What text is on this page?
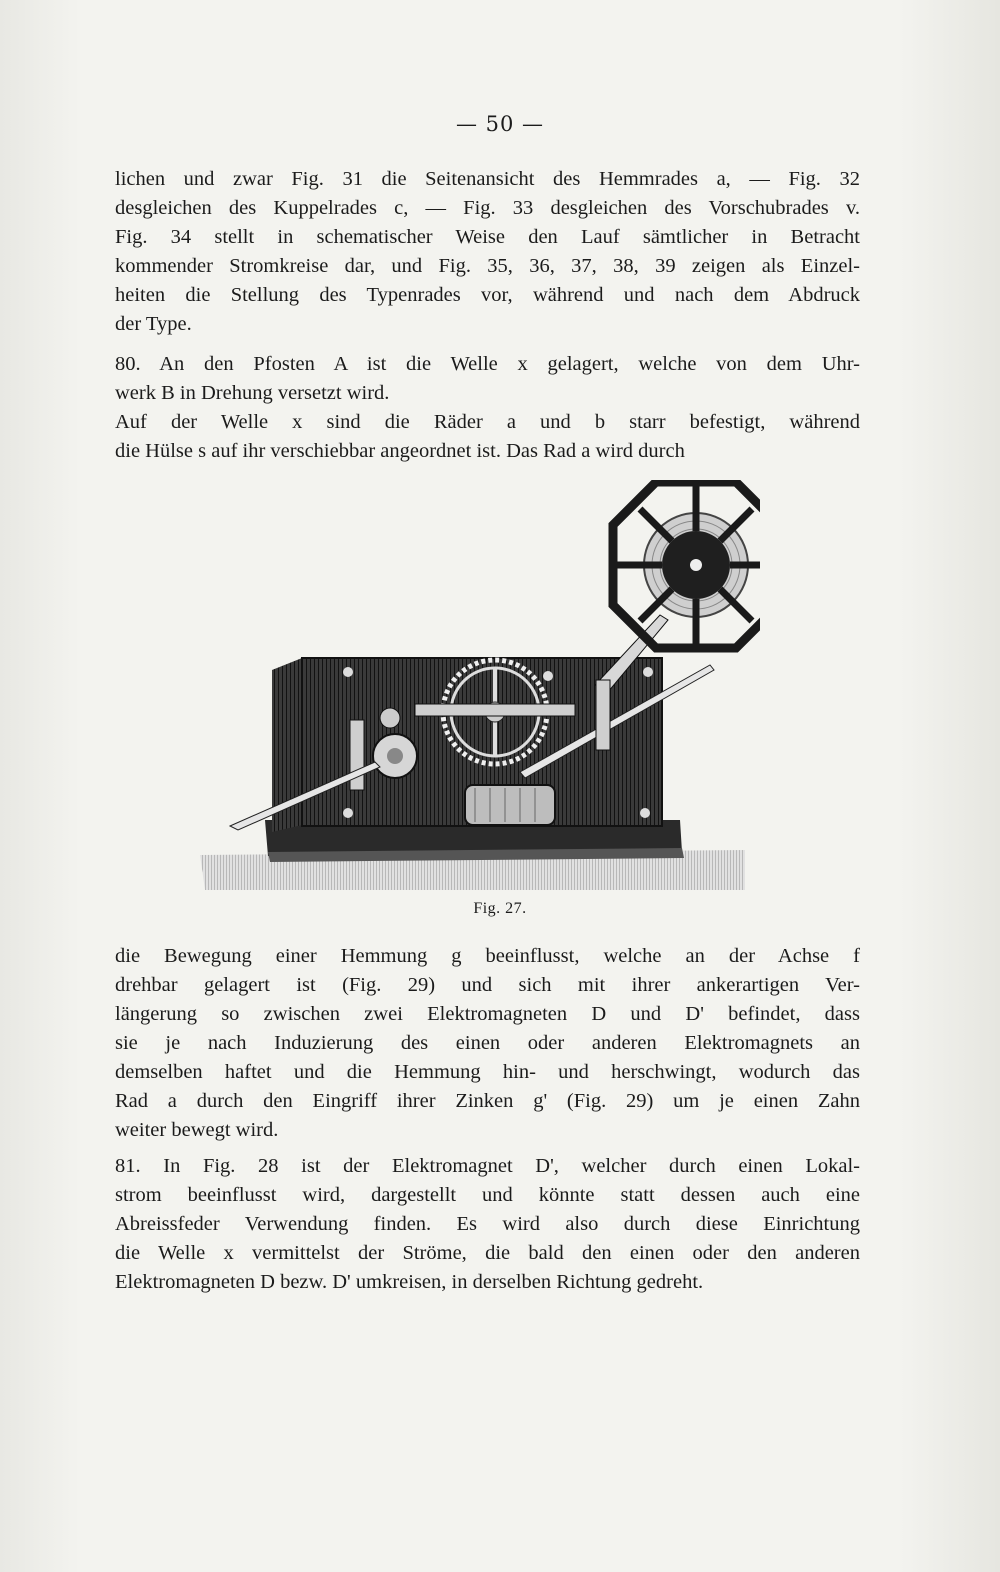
— 50 —
lichen und zwar Fig. 31 die Seitenansicht des Hemmrades a, — Fig. 32
desgleichen des Kuppelrades c, — Fig. 33 desgleichen des Vorschubrades v.
Fig. 34 stellt in schematischer Weise den Lauf sämtlicher in Betracht
kommender Stromkreise dar, und Fig. 35, 36, 37, 38, 39 zeigen als Einzel-
heiten die Stellung des Typenrades vor, während und nach dem Abdruck
der Type.
80. An den Pfosten A ist die Welle x gelagert, welche von dem Uhr-
werk B in Drehung versetzt wird.
Auf der Welle x sind die Räder a und b starr befestigt, während
die Hülse s auf ihr verschiebbar angeordnet ist. Das Rad a wird durch
Fig. 27.
die Bewegung einer Hemmung g beeinflusst, welche an der Achse f
drehbar gelagert ist (Fig. 29) und sich mit ihrer ankerartigen Ver-
längerung so zwischen zwei Elektromagneten D und D' befindet, dass
sie je nach Induzierung des einen oder anderen Elektromagnets an
demselben haftet und die Hemmung hin- und herschwingt, wodurch das
Rad a durch den Eingriff ihrer Zinken g' (Fig. 29) um je einen Zahn
weiter bewegt wird.
81. In Fig. 28 ist der Elektromagnet D', welcher durch einen Lokal-
strom beeinflusst wird, dargestellt und könnte statt dessen auch eine
Abreissfeder Verwendung finden. Es wird also durch diese Einrichtung
die Welle x vermittelst der Ströme, die bald den einen oder den anderen
Elektromagneten D bezw. D' umkreisen, in derselben Richtung gedreht.
